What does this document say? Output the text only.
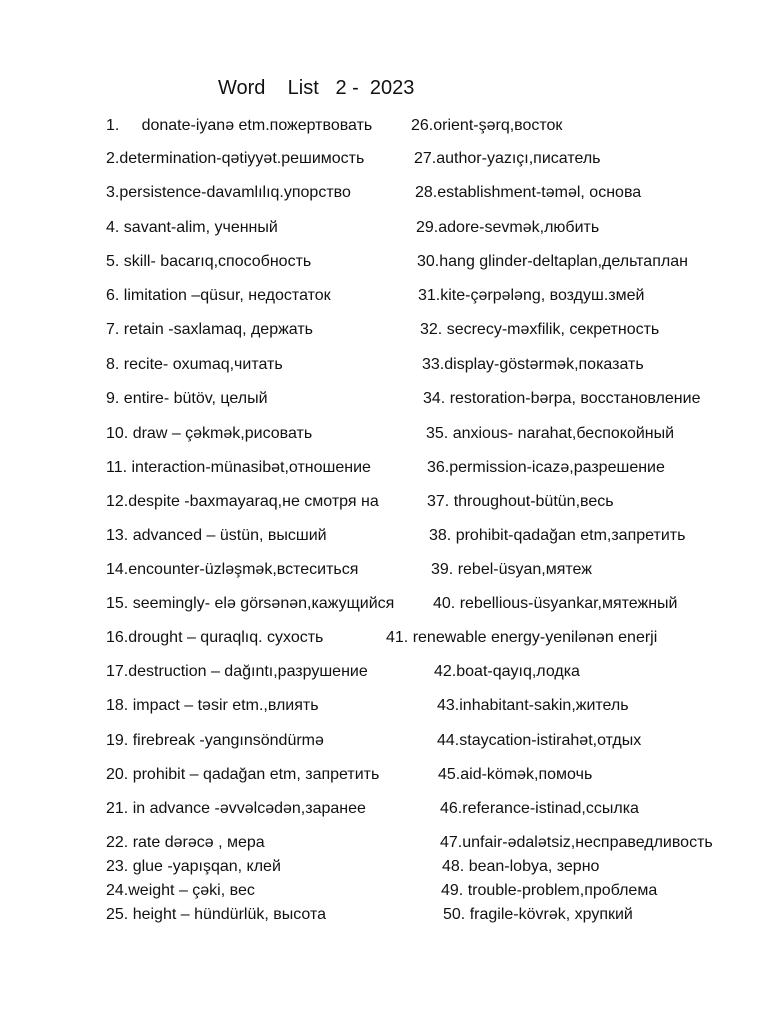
Word    List   2 -  2023
1.     donate-iyanə etm.пожертвовать
2.determination-qətiyyət.решимость
3.persistence-davamlılıq.упорство
4. savant-alim, ученный
5. skill- bacarıq,способность
6. limitation –qüsur, недостаток
7. retain -saxlamaq, держать
8. recite- oxumaq,читать
9. entire- bütöv, целый
10. draw – çəkmək,рисовать
11. interaction-münasibət,отношение
12.despite -baxmayaraq,не смотря на
13. advanced – üstün, высший
14.encounter-üzləşmək,встеситься
15. seemingly- elə görsənən,кажущийся
16.drought – quraqlıq. сухость
17.destruction – dağıntı,разрушение
18. impact – təsir etm.,влиять
19. firebreak -yangınsöndürmə
20. prohibit – qadağan etm, запретить
21. in advance -əvvəlcədən,заранее
22. rate dərəcə , мера
23. glue -yapışqan, клей
24.weight – çəki, вес
25. height – hündürlük, высота
26.orient-şərq,восток
27.author-yazıçı,писатель
28.establishment-təməl, основа
29.adore-sevmək,любить
30.hang glinder-deltaplan,дельтаплан
31.kite-çərpələng, воздуш.змей
32. secrecy-məxfilik, секретность
33.display-göstərmək,показать
34. restoration-bərpa, восстановление
35. anxious- narahat,беспокойный
36.permission-icazə,разрешение
37. throughout-bütün,весь
38. prohibit-qadağan etm,запретить
39. rebel-üsyan,мятеж
40. rebellious-üsyankar,мятежный
41. renewable energy-yenilənən enerji
42.boat-qayıq,лодка
43.inhabitant-sakin,житель
44.staycation-istirahət,отдых
45.aid-kömək,помочь
46.referance-istinad,ссылка
47.unfair-ədalətsiz,несправедливость
48. bean-lobya, зерно
49. trouble-problem,проблема
50. fragile-kövrək, хрупкий
